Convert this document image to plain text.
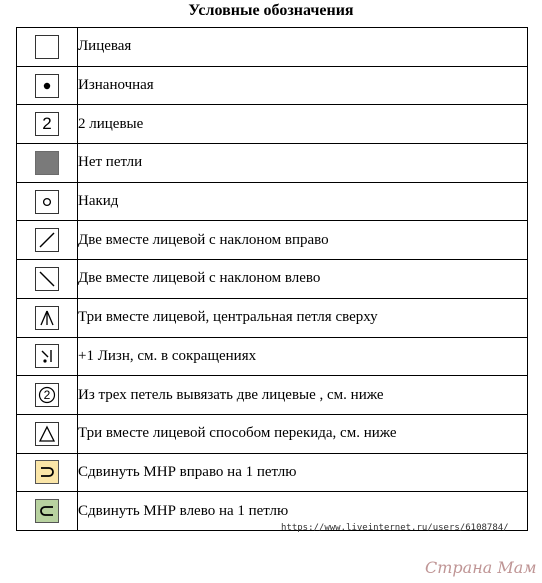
Условные обозначения
	Лицевая

	Изнаночная

2	2 лицевые

	Нет петли

	Накид

	Две вместе лицевой с наклоном вправо

	Две вместе лицевой с наклоном влево

	Три вместе лицевой, центральная петля сверху

	+1 Лизн, см. в сокращениях

2	Из трех петель вывязать две лицевые , см. ниже

	Три вместе лицевой способом перекида, см. ниже

	Сдвинуть МНР вправо на 1 петлю

	Сдвинуть МНР влево на 1 петлю
https://www.liveinternet.ru/users/6108784/
Страна Мам
